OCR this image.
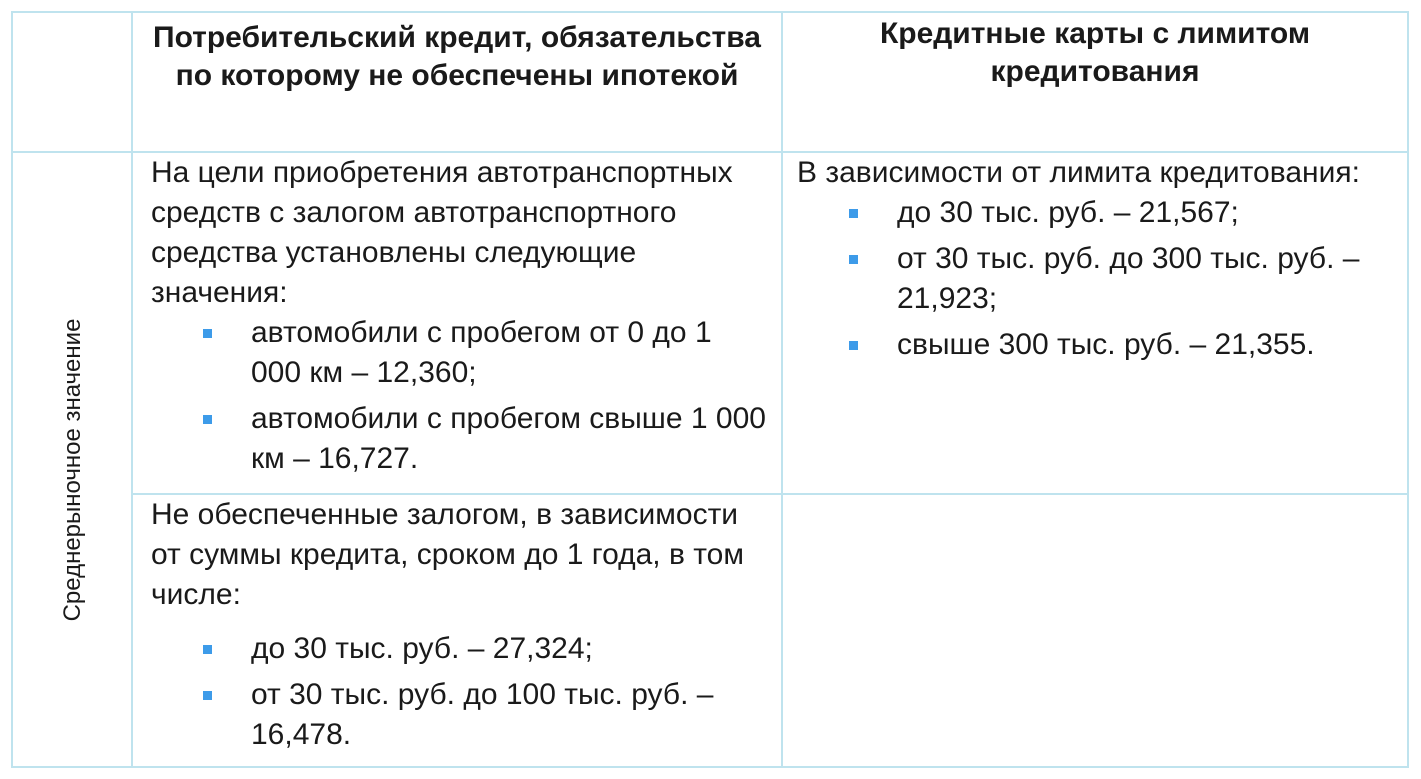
Потребительский кредит, обязательства по которому не обеспечены ипотекой
Кредитные карты с лимитом кредитования
Среднерыночное значение
На цели приобретения автотранспортных средств с залогом автотранспортного средства установлены следующие значения:
автомобили с пробегом от 0 до 1 000 км – 12,360;
автомобили с пробегом свыше 1 000 км – 16,727.
В зависимости от лимита кредитования:
до 30 тыс. руб. – 21,567;
от 30 тыс. руб. до 300 тыс. руб. – 21,923;
свыше 300 тыс. руб. – 21,355.
Не обеспеченные залогом, в зависимости от суммы кредита, сроком до 1 года, в том числе:
до 30 тыс. руб. – 27,324;
от 30 тыс. руб. до 100 тыс. руб. – 16,478.
